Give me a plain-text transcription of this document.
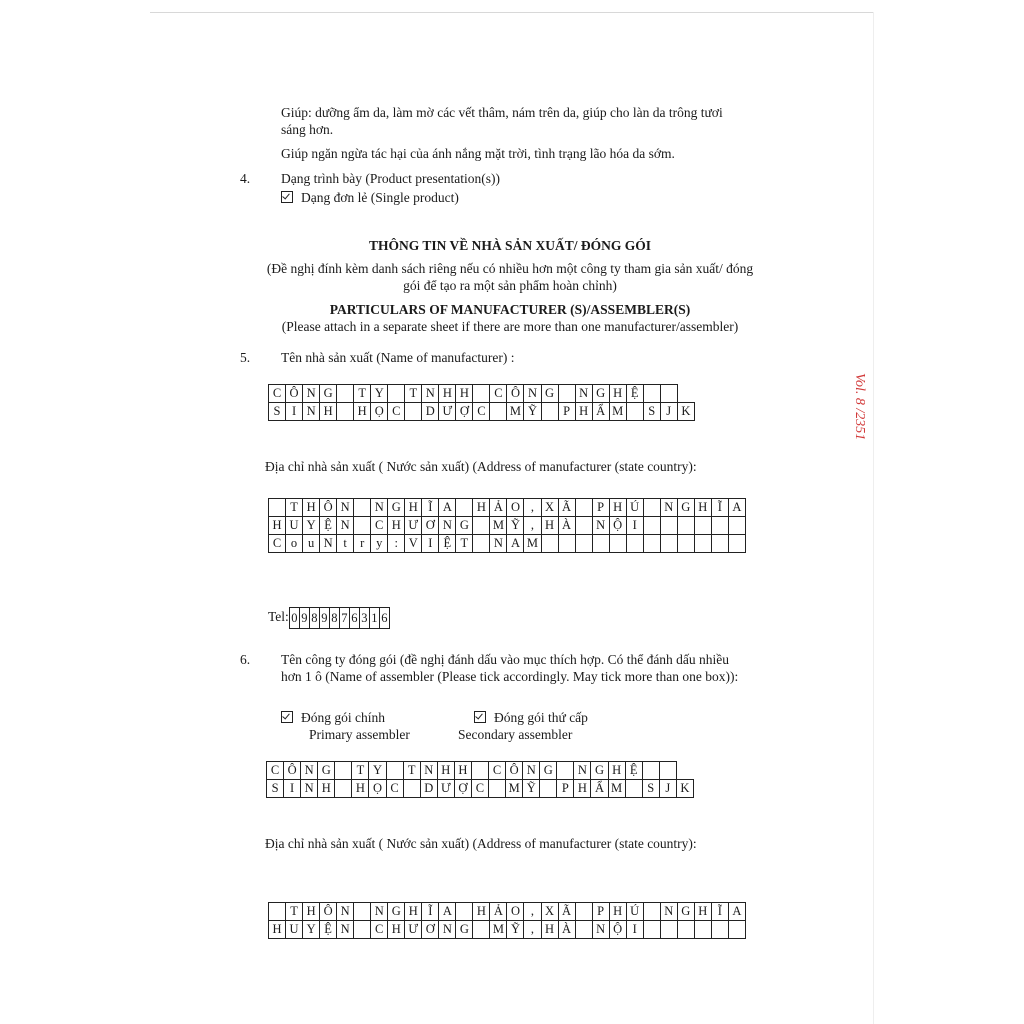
Giúp: dưỡng ẩm da, làm mờ các vết thâm, nám trên da, giúp cho làn da trông tươi

sáng hơn.

Giúp ngăn ngừa tác hại của ánh nắng mặt trời, tình trạng lão hóa da sớm.

4. Dạng trình bày (Product presentation(s))

Dạng đơn lẻ (Single product)

THÔNG TIN VỀ NHÀ SẢN XUẤT/ ĐÓNG GÓI

(Đề nghị đính kèm danh sách riêng nếu có nhiều hơn một công ty tham gia sản xuất/ đóng

gói để tạo ra một sản phẩm hoàn chỉnh)

PARTICULARS OF MANUFACTURER (S)/ASSEMBLER(S)

(Please attach in a separate sheet if there are more than one manufacturer/assembler)

5. Tên nhà sản xuất (Name of manufacturer) :

C	Ô	N	G		T	Y		T	N	H	H		C	Ô	N	G		N	G	H	Ệ			
S	I	N	H		H	Ọ	C		D	Ư	Ợ	C		M	Ỹ		P	H	Ẩ	M		S	J	K

Địa chỉ nhà sản xuất ( Nước sản xuất) (Address of manufacturer (state country):

	T	H	Ô	N		N	G	H	Ĩ	A		H	Ả	O	,	X	Ã		P	H	Ú		N	G	H	Ĩ	A
H	U	Y	Ệ	N		C	H	Ư	Ơ	N	G		M	Ỹ	,	H	À		N	Ộ	I						
C	o	u	N	t	r	y	:	V	I	Ệ	T		N	A	M												
Tel: 0	9	8	9	8	7	6	3	1	6

6. Tên công ty đóng gói (đề nghị đánh dấu vào mục thích hợp. Có thể đánh dấu nhiều

hơn 1 ô (Name of assembler (Please tick accordingly. May tick more than one box)):

Đóng gói chính

Primary assembler

Đóng gói thứ cấp

Secondary assembler

C	Ô	N	G		T	Y		T	N	H	H		C	Ô	N	G		N	G	H	Ệ			
S	I	N	H		H	Ọ	C		D	Ư	Ợ	C		M	Ỹ		P	H	Ẩ	M		S	J	K

Địa chỉ nhà sản xuất ( Nước sản xuất) (Address of manufacturer (state country):

	T	H	Ô	N		N	G	H	Ĩ	A		H	Ả	O	,	X	Ã		P	H	Ú		N	G	H	Ĩ	A
H	U	Y	Ệ	N		C	H	Ư	Ơ	N	G		M	Ỹ	,	H	À		N	Ộ	I						
Vol. 8 /2351
